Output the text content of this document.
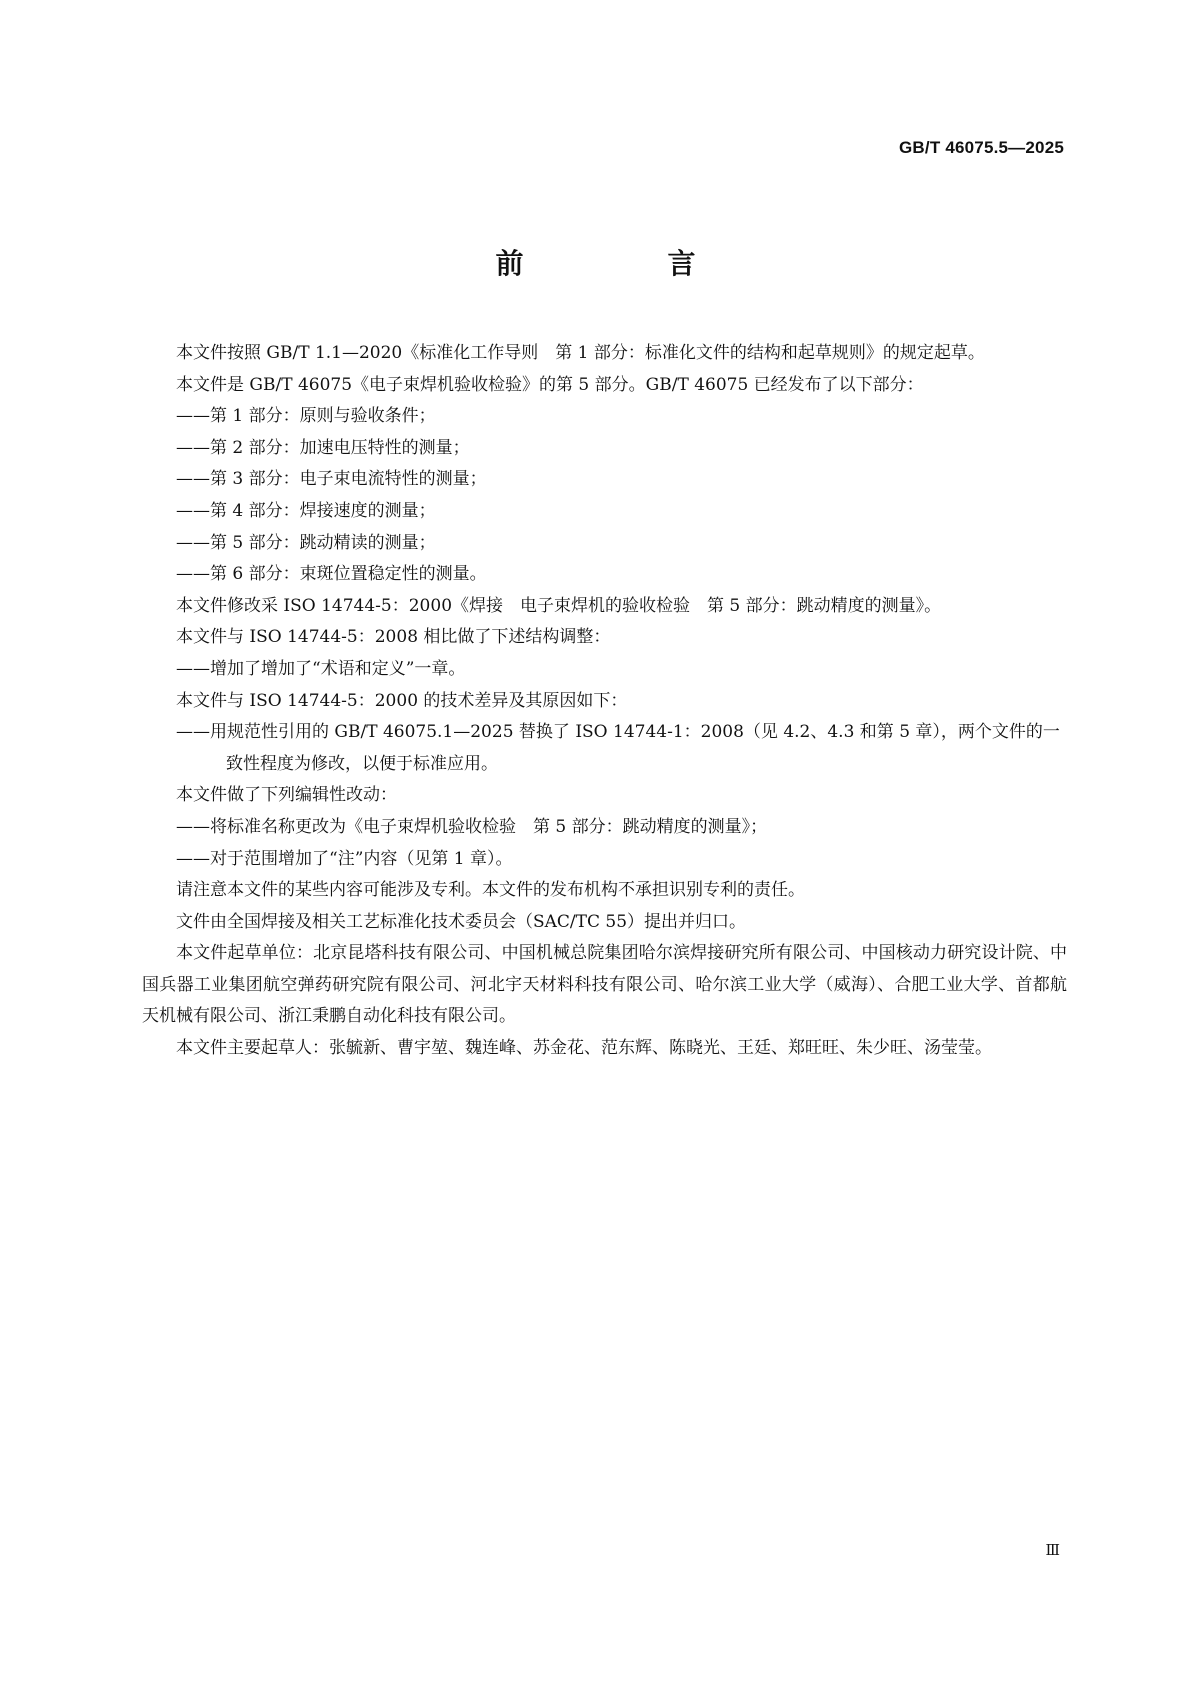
GB/T 46075.5—2025
前　言

本文件按照 GB/T 1.1—2020《标准化工作导则　第 1 部分：标准化文件的结构和起草规则》的规定起草。

本文件是 GB/T 46075《电子束焊机验收检验》的第 5 部分。GB/T 46075 已经发布了以下部分：

——第 1 部分：原则与验收条件；

——第 2 部分：加速电压特性的测量；

——第 3 部分：电子束电流特性的测量；

——第 4 部分：焊接速度的测量；

——第 5 部分：跳动精读的测量；

——第 6 部分：束斑位置稳定性的测量。

本文件修改采 ISO 14744-5：2000《焊接　电子束焊机的验收检验　第 5 部分：跳动精度的测量》。

本文件与 ISO 14744-5：2008 相比做了下述结构调整：

——增加了增加了“术语和定义”一章。

本文件与 ISO 14744-5：2000 的技术差异及其原因如下：

——用规范性引用的 GB/T 46075.1—2025 替换了 ISO 14744-1：2008（见 4.2、4.3 和第 5 章），两个文件的一致性程度为修改，以便于标准应用。

本文件做了下列编辑性改动：

——将标准名称更改为《电子束焊机验收检验　第 5 部分：跳动精度的测量》；

——对于范围增加了“注”内容（见第 1 章）。

请注意本文件的某些内容可能涉及专利。本文件的发布机构不承担识别专利的责任。

文件由全国焊接及相关工艺标准化技术委员会（SAC/TC 55）提出并归口。

本文件起草单位：北京昆塔科技有限公司、中国机械总院集团哈尔滨焊接研究所有限公司、中国核动力研究设计院、中国兵器工业集团航空弹药研究院有限公司、河北宇天材料科技有限公司、哈尔滨工业大学（威海）、合肥工业大学、首都航天机械有限公司、浙江秉鹏自动化科技有限公司。

本文件主要起草人：张毓新、曹宇堃、魏连峰、苏金花、范东辉、陈晓光、王廷、郑旺旺、朱少旺、汤莹莹。

Ⅲ
